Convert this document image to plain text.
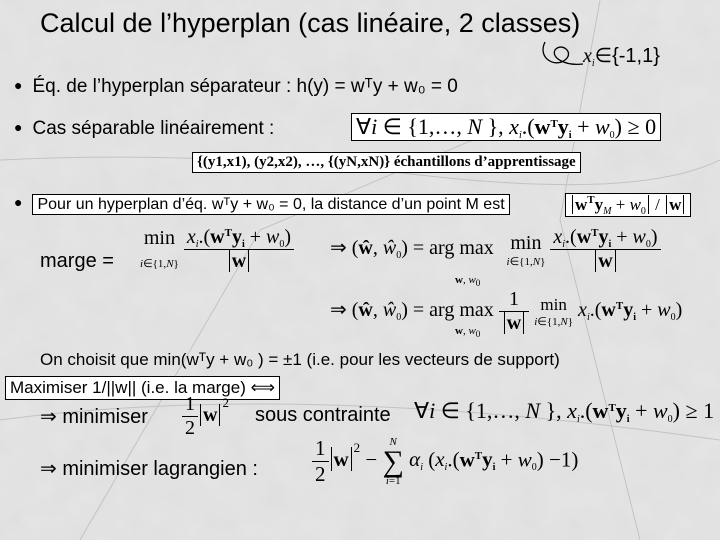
Calcul de l’hyperplan (cas linéaire, 2 classes)
$x_i\in\{-1,1\}$
● Éq. de l’hyperplan séparateur : h(y) = wᵀy + w₀ = 0
● Cas séparable linéairement :	∀i ∈ {1,…, N }, $xi.(w^Tyi + w0) \ge 0$
{(y1,x1), (y2,x2), …, {(yN,xN)} échantillons d’apprentissage
● Pour un hyperplan d’éq. wᵀy + w₀ = 0, la distance d’un point M est	$w^Ty_M + w_0 / w$
marge =
min
i∈{1,N} $\frac{x_i.(w^Ty_i + w_0)}{w}$ ⇒ (ŵ, $ŵ_0$) = arg max min
i∈{1,N}
$\frac{x_i.(w^Ty_i + w_0)}{w}$
w, $w_0$
⇒ (ŵ, $ŵ_0$) = arg $\max \frac{1}{w}$
min
i∈{1,N}
$x_i.(w^Ty_i + w_0)$
w, $w_0$
On choisit que min(wᵀy + w₀ ) = ±1 (i.e. pour les vecteurs de support)
Maximiser 1/||w|| (i.e. la marge) ⟺
⇒ minimiser $\frac{1}{2} w^2$
sous contrainte ∀i ∈ {1,…, N }, $xi.(w^Tyi + w0) \ge 1$
⇒ minimiser lagrangien :	$\frac{1}{2}$ w $^2$ −
N
∑
i=1
αi $(xi.(w^Tyi + w0) -1)$
